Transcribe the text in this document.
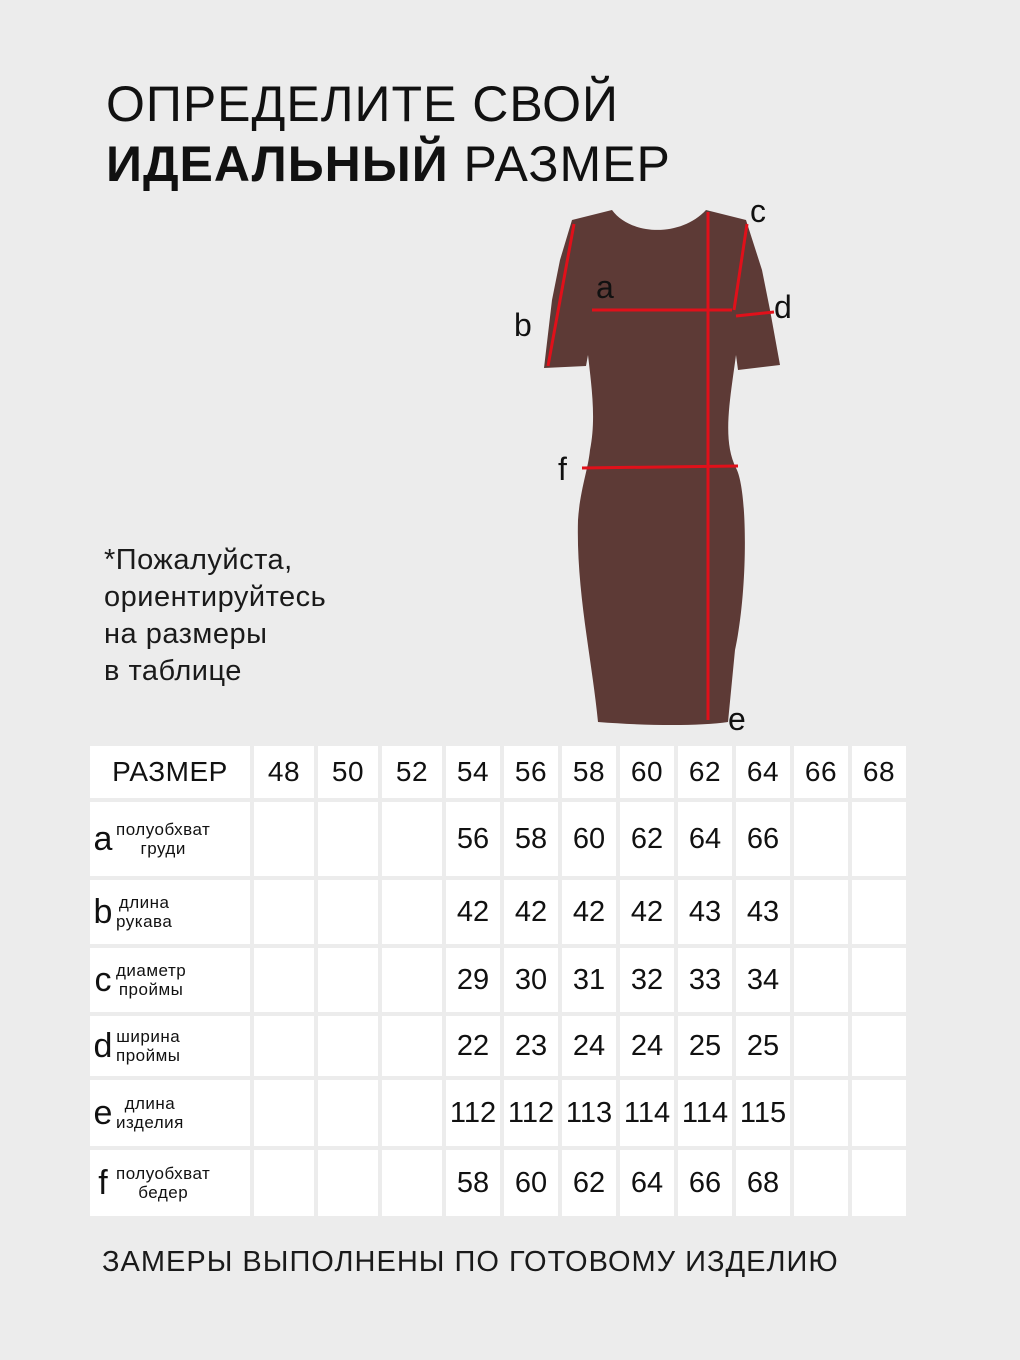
ОПРЕДЕЛИТЕ СВОЙ
ИДЕАЛЬНЫЙ РАЗМЕР
a
b
c
d
e
f
*Пожалуйста,
ориентируйтесь
на размеры
в таблице
РАЗМЕР	48	50	52	54	56	58	60	62	64	66	68

a полуобхват
груди				56	58	60	62	64	66		

b длина
рукава				42	42	42	42	43	43		

c диаметр
проймы				29	30	31	32	33	34		

d ширина
проймы				22	23	24	24	25	25		

e длина
изделия				112	112	113	114	114	115		

f полуобхват
бедер				58	60	62	64	66	68		
ЗАМЕРЫ ВЫПОЛНЕНЫ ПО ГОТОВОМУ ИЗДЕЛИЮ
